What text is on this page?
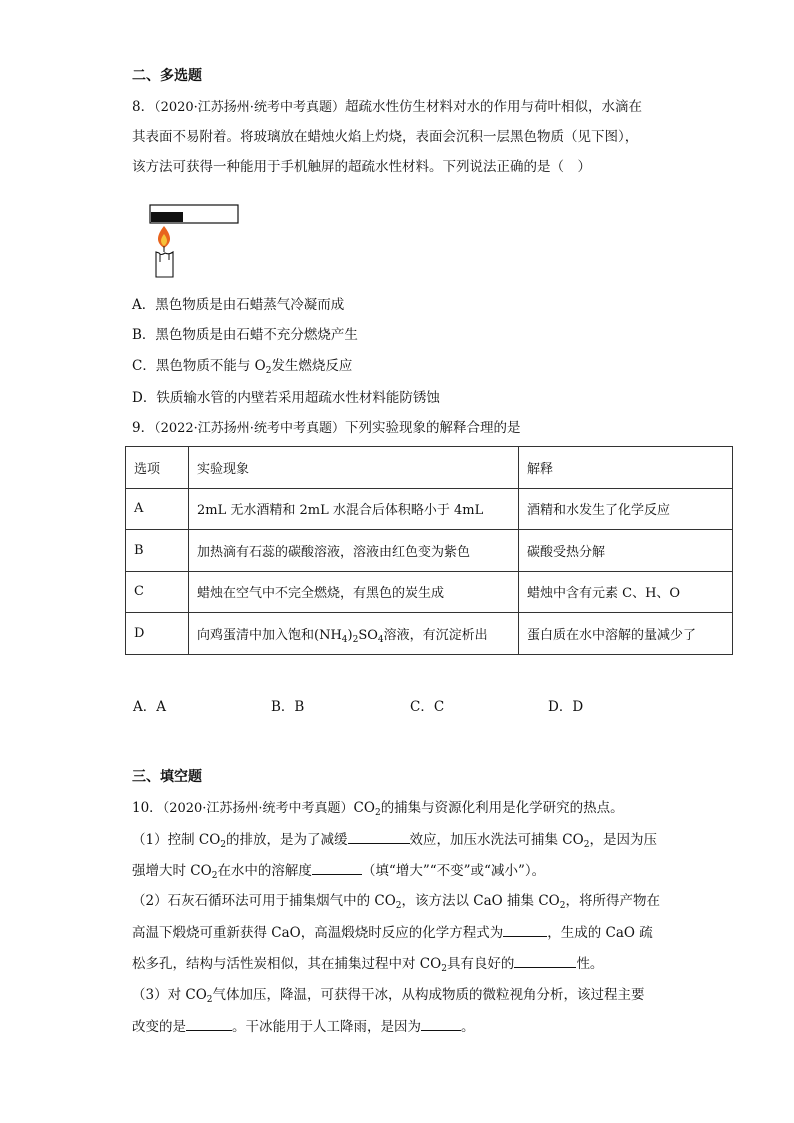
二、多选题
8．（2020·江苏扬州·统考中考真题）超疏水性仿生材料对水的作用与荷叶相似，水滴在
其表面不易附着。将玻璃放在蜡烛火焰上灼烧，表面会沉积一层黑色物质（见下图），
该方法可获得一种能用于手机触屏的超疏水性材料。下列说法正确的是（　）
A．黑色物质是由石蜡蒸气冷凝而成
B．黑色物质是由石蜡不充分燃烧产生
C．黑色物质不能与 $O_2$发生燃烧反应
D．铁质输水管的内壁若采用超疏水性材料能防锈蚀
9．（2022·江苏扬州·统考中考真题）下列实验现象的解释合理的是
选项	实验现象	解释
A	2mL 无水酒精和 2mL 水混合后体积略小于 4mL	酒精和水发生了化学反应
B	加热滴有石蕊的碳酸溶液，溶液由红色变为紫色	碳酸受热分解
C	蜡烛在空气中不完全燃烧，有黑色的炭生成	蜡烛中含有元素 C、H、O
D	向鸡蛋清中加入饱和$(NH_4)_2SO_4$溶液，有沉淀析出	蛋白质在水中溶解的量减少了
A．A	B．B	C．C	D．D
三、填空题
10．（2020·江苏扬州·统考中考真题）$CO_2$的捕集与资源化利用是化学研究的热点。
（1）控制 $CO_2$的排放，是为了减缓	效应，加压水洗法可捕集 $CO_2$，是因为压
强增大时 $CO_2$在水中的溶解度	（填“增大”“不变”或“减小”）。
（2）石灰石循环法可用于捕集烟气中的 $CO_2$，该方法以 CaO 捕集 $CO_2$，将所得产物在
高温下煅烧可重新获得 CaO，高温煅烧时反应的化学方程式为	，生成的 CaO 疏
松多孔，结构与活性炭相似，其在捕集过程中对 $CO_2$具有良好的	性。
（3）对 $CO_2$气体加压，降温，可获得干冰，从构成物质的微粒视角分析，该过程主要
改变的是	。干冰能用于人工降雨，是因为	。
